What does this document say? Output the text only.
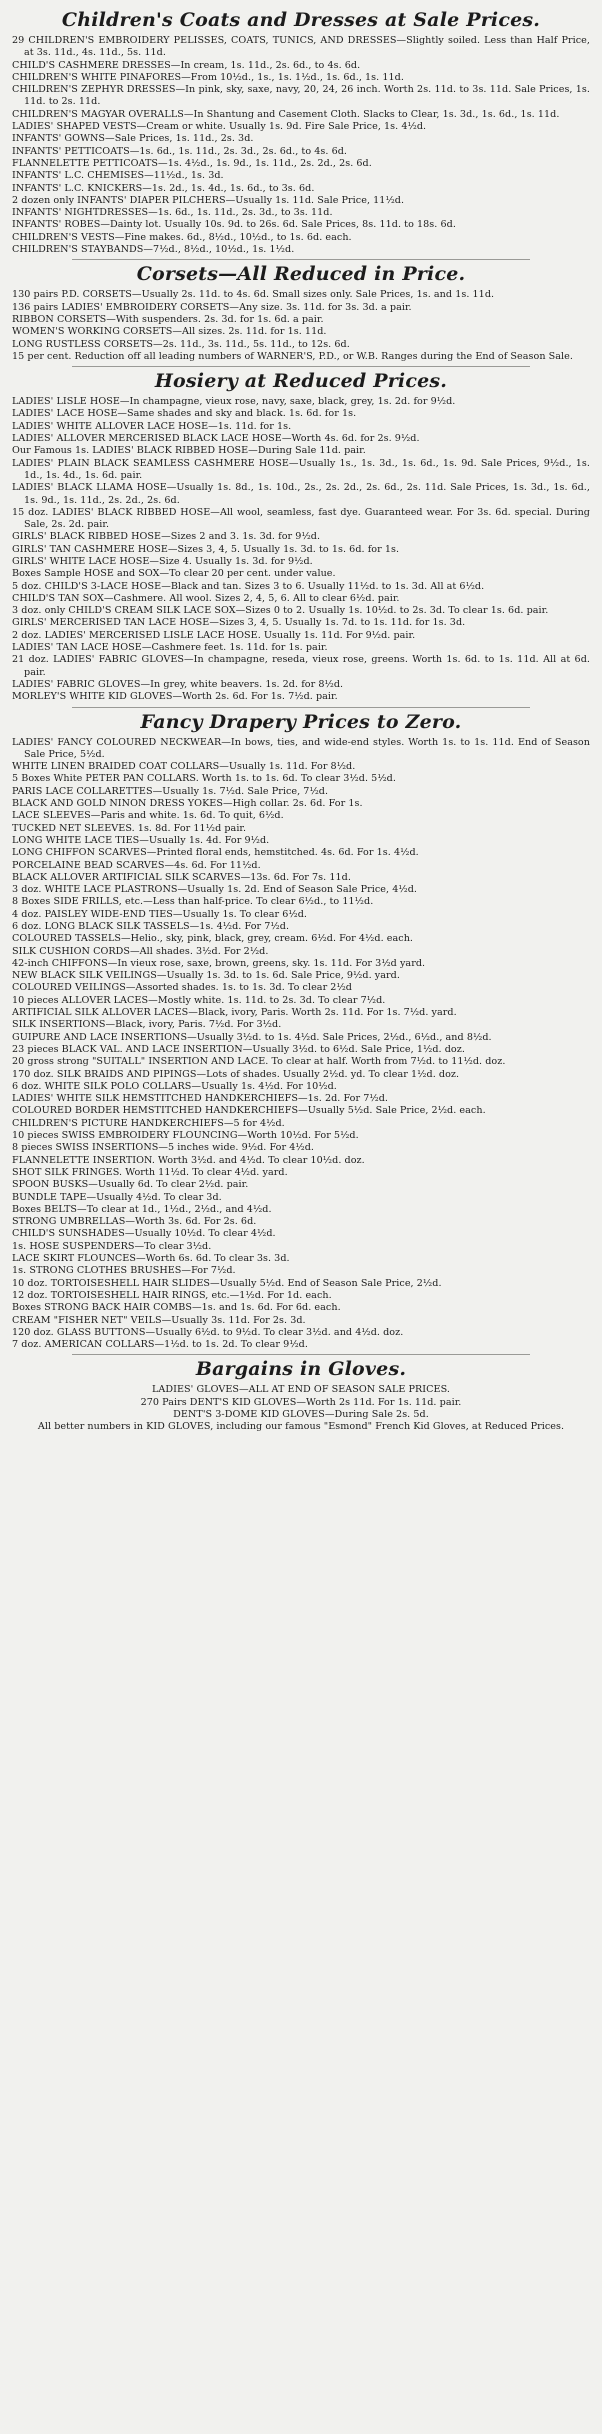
Children's Coats and Dresses at Sale Prices.
29 CHILDREN'S EMBROIDERY PELISSES, COATS, TUNICS, AND DRESSES—Slightly soiled. Less than Half Price, at 3s. 11d., 4s. 11d., 5s. 11d.
CHILD'S CASHMERE DRESSES—In cream, 1s. 11d., 2s. 6d., to 4s. 6d.
CHILDREN'S WHITE PINAFORES—From 10½d., 1s., 1s. 1½d., 1s. 6d., 1s. 11d.
CHILDREN'S ZEPHYR DRESSES—In pink, sky, saxe, navy, 20, 24, 26 inch. Worth 2s. 11d. to 3s. 11d. Sale Prices, 1s. 11d. to 2s. 11d.
CHILDREN'S MAGYAR OVERALLS—In Shantung and Casement Cloth. Slacks to Clear, 1s. 3d., 1s. 6d., 1s. 11d.
LADIES' SHAPED VESTS—Cream or white. Usually 1s. 9d. Fire Sale Price, 1s. 4½d.
INFANTS' GOWNS—Sale Prices, 1s. 11d., 2s. 3d.
INFANTS' PETTICOATS—1s. 6d., 1s. 11d., 2s. 3d., 2s. 6d., to 4s. 6d.
FLANNELETTE PETTICOATS—1s. 4½d., 1s. 9d., 1s. 11d., 2s. 2d., 2s. 6d.
INFANTS' L.C. CHEMISES—11½d., 1s. 3d.
INFANTS' L.C. KNICKERS—1s. 2d., 1s. 4d., 1s. 6d., to 3s. 6d.
2 dozen only INFANTS' DIAPER PILCHERS—Usually 1s. 11d. Sale Price, 11½d.
INFANTS' NIGHTDRESSES—1s. 6d., 1s. 11d., 2s. 3d., to 3s. 11d.
INFANTS' ROBES—Dainty lot. Usually 10s. 9d. to 26s. 6d. Sale Prices, 8s. 11d. to 18s. 6d.
CHILDREN'S VESTS—Fine makes. 6d., 8½d., 10½d., to 1s. 6d. each.
CHILDREN'S STAYBANDS—7½d., 8½d., 10½d., 1s. 1½d.
Corsets—All Reduced in Price.
130 pairs P.D. CORSETS—Usually 2s. 11d. to 4s. 6d. Small sizes only. Sale Prices, 1s. and 1s. 11d.
136 pairs LADIES' EMBROIDERY CORSETS—Any size. 3s. 11d. for 3s. 3d. a pair.
RIBBON CORSETS—With suspenders. 2s. 3d. for 1s. 6d. a pair.
WOMEN'S WORKING CORSETS—All sizes. 2s. 11d. for 1s. 11d.
LONG RUSTLESS CORSETS—2s. 11d., 3s. 11d., 5s. 11d., to 12s. 6d.
15 per cent. Reduction off all leading numbers of WARNER'S, P.D., or W.B. Ranges during the End of Season Sale.
Hosiery at Reduced Prices.
LADIES' LISLE HOSE—In champagne, vieux rose, navy, saxe, black, grey, 1s. 2d. for 9½d.
LADIES' LACE HOSE—Same shades and sky and black. 1s. 6d. for 1s.
LADIES' WHITE ALLOVER LACE HOSE—1s. 11d. for 1s.
LADIES' ALLOVER MERCERISED BLACK LACE HOSE—Worth 4s. 6d. for 2s. 9½d.
Our Famous 1s. LADIES' BLACK RIBBED HOSE—During Sale 11d. pair.
LADIES' PLAIN BLACK SEAMLESS CASHMERE HOSE—Usually 1s., 1s. 3d., 1s. 6d., 1s. 9d. Sale Prices, 9½d., 1s. 1d., 1s. 4d., 1s. 6d. pair.
LADIES' BLACK LLAMA HOSE—Usually 1s. 8d., 1s. 10d., 2s., 2s. 2d., 2s. 6d., 2s. 11d. Sale Prices, 1s. 3d., 1s. 6d., 1s. 9d., 1s. 11d., 2s. 2d., 2s. 6d.
15 doz. LADIES' BLACK RIBBED HOSE—All wool, seamless, fast dye. Guaranteed wear. For 3s. 6d. special. During Sale, 2s. 2d. pair.
GIRLS' BLACK RIBBED HOSE—Sizes 2 and 3. 1s. 3d. for 9½d.
GIRLS' TAN CASHMERE HOSE—Sizes 3, 4, 5. Usually 1s. 3d. to 1s. 6d. for 1s.
GIRLS' WHITE LACE HOSE—Size 4. Usually 1s. 3d. for 9½d.
Boxes Sample HOSE and SOX—To clear 20 per cent. under value.
5 doz. CHILD'S 3-LACE HOSE—Black and tan. Sizes 3 to 6. Usually 11½d. to 1s. 3d. All at 6½d.
CHILD'S TAN SOX—Cashmere. All wool. Sizes 2, 4, 5, 6. All to clear 6½d. pair.
3 doz. only CHILD'S CREAM SILK LACE SOX—Sizes 0 to 2. Usually 1s. 10½d. to 2s. 3d. To clear 1s. 6d. pair.
GIRLS' MERCERISED TAN LACE HOSE—Sizes 3, 4, 5. Usually 1s. 7d. to 1s. 11d. for 1s. 3d.
2 doz. LADIES' MERCERISED LISLE LACE HOSE. Usually 1s. 11d. For 9½d. pair.
LADIES' TAN LACE HOSE—Cashmere feet. 1s. 11d. for 1s. pair.
21 doz. LADIES' FABRIC GLOVES—In champagne, reseda, vieux rose, greens. Worth 1s. 6d. to 1s. 11d. All at 6d. pair.
LADIES' FABRIC GLOVES—In grey, white beavers. 1s. 2d. for 8½d.
MORLEY'S WHITE KID GLOVES—Worth 2s. 6d. For 1s. 7½d. pair.
Fancy Drapery Prices to Zero.
LADIES' FANCY COLOURED NECKWEAR—In bows, ties, and wide-end styles. Worth 1s. to 1s. 11d. End of Season Sale Price, 5½d.
WHITE LINEN BRAIDED COAT COLLARS—Usually 1s. 11d. For 8½d.
5 Boxes White PETER PAN COLLARS. Worth 1s. to 1s. 6d. To clear 3½d. 5½d.
PARIS LACE COLLARETTES—Usually 1s. 7½d. Sale Price, 7½d.
BLACK AND GOLD NINON DRESS YOKES—High collar. 2s. 6d. For 1s.
LACE SLEEVES—Paris and white. 1s. 6d. To quit, 6½d.
TUCKED NET SLEEVES. 1s. 8d. For 11½d pair.
LONG WHITE LACE TIES—Usually 1s. 4d. For 9½d.
LONG CHIFFON SCARVES—Printed floral ends, hemstitched. 4s. 6d. For 1s. 4½d.
PORCELAINE BEAD SCARVES—4s. 6d. For 11½d.
BLACK ALLOVER ARTIFICIAL SILK SCARVES—13s. 6d. For 7s. 11d.
3 doz. WHITE LACE PLASTRONS—Usually 1s. 2d. End of Season Sale Price, 4½d.
8 Boxes SIDE FRILLS, etc.—Less than half-price. To clear 6½d., to 11½d.
4 doz. PAISLEY WIDE-END TIES—Usually 1s. To clear 6½d.
6 doz. LONG BLACK SILK TASSELS—1s. 4½d. For 7½d.
COLOURED TASSELS—Helio., sky, pink, black, grey, cream. 6½d. For 4½d. each.
SILK CUSHION CORDS—All shades. 3½d. For 2½d.
42-inch CHIFFONS—In vieux rose, saxe, brown, greens, sky. 1s. 11d. For 3½d yard.
NEW BLACK SILK VEILINGS—Usually 1s. 3d. to 1s. 6d. Sale Price, 9½d. yard.
COLOURED VEILINGS—Assorted shades. 1s. to 1s. 3d. To clear 2½d
10 pieces ALLOVER LACES—Mostly white. 1s. 11d. to 2s. 3d. To clear 7½d.
ARTIFICIAL SILK ALLOVER LACES—Black, ivory, Paris. Worth 2s. 11d. For 1s. 7½d. yard.
SILK INSERTIONS—Black, ivory, Paris. 7½d. For 3½d.
GUIPURE AND LACE INSERTIONS—Usually 3½d. to 1s. 4½d. Sale Prices, 2½d., 6½d., and 8½d.
23 pieces BLACK VAL. AND LACE INSERTION—Usually 3½d. to 6½d. Sale Price, 1½d. doz.
20 gross strong "SUITALL" INSERTION AND LACE. To clear at half. Worth from 7½d. to 11½d. doz.
170 doz. SILK BRAIDS AND PIPINGS—Lots of shades. Usually 2½d. yd. To clear 1½d. doz.
6 doz. WHITE SILK POLO COLLARS—Usually 1s. 4½d. For 10½d.
LADIES' WHITE SILK HEMSTITCHED HANDKERCHIEFS—1s. 2d. For 7½d.
COLOURED BORDER HEMSTITCHED HANDKERCHIEFS—Usually 5½d. Sale Price, 2½d. each.
CHILDREN'S PICTURE HANDKERCHIEFS—5 for 4½d.
10 pieces SWISS EMBROIDERY FLOUNCING—Worth 10½d. For 5½d.
8 pieces SWISS INSERTIONS—5 inches wide. 9½d. For 4½d.
FLANNELETTE INSERTION. Worth 3½d. and 4½d. To clear 10½d. doz.
SHOT SILK FRINGES. Worth 11½d. To clear 4½d. yard.
SPOON BUSKS—Usually 6d. To clear 2½d. pair.
BUNDLE TAPE—Usually 4½d. To clear 3d.
Boxes BELTS—To clear at 1d., 1½d., 2½d., and 4½d.
STRONG UMBRELLAS—Worth 3s. 6d. For 2s. 6d.
CHILD'S SUNSHADES—Usually 10½d. To clear 4½d.
1s. HOSE SUSPENDERS—To clear 3½d.
LACE SKIRT FLOUNCES—Worth 6s. 6d. To clear 3s. 3d.
1s. STRONG CLOTHES BRUSHES—For 7½d.
10 doz. TORTOISESHELL HAIR SLIDES—Usually 5½d. End of Season Sale Price, 2½d.
12 doz. TORTOISESHELL HAIR RINGS, etc.—1½d. For 1d. each.
Boxes STRONG BACK HAIR COMBS—1s. and 1s. 6d. For 6d. each.
CREAM "FISHER NET" VEILS—Usually 3s. 11d. For 2s. 3d.
120 doz. GLASS BUTTONS—Usually 6½d. to 9½d. To clear 3½d. and 4½d. doz.
7 doz. AMERICAN COLLARS—1½d. to 1s. 2d. To clear 9½d.
Bargains in Gloves.
LADIES' GLOVES—ALL AT END OF SEASON SALE PRICES.
270 Pairs DENT'S KID GLOVES—Worth 2s 11d. For 1s. 11d. pair.
DENT'S 3-DOME KID GLOVES—During Sale 2s. 5d.
All better numbers in KID GLOVES, including our famous "Esmond" French Kid Gloves, at Reduced Prices.
